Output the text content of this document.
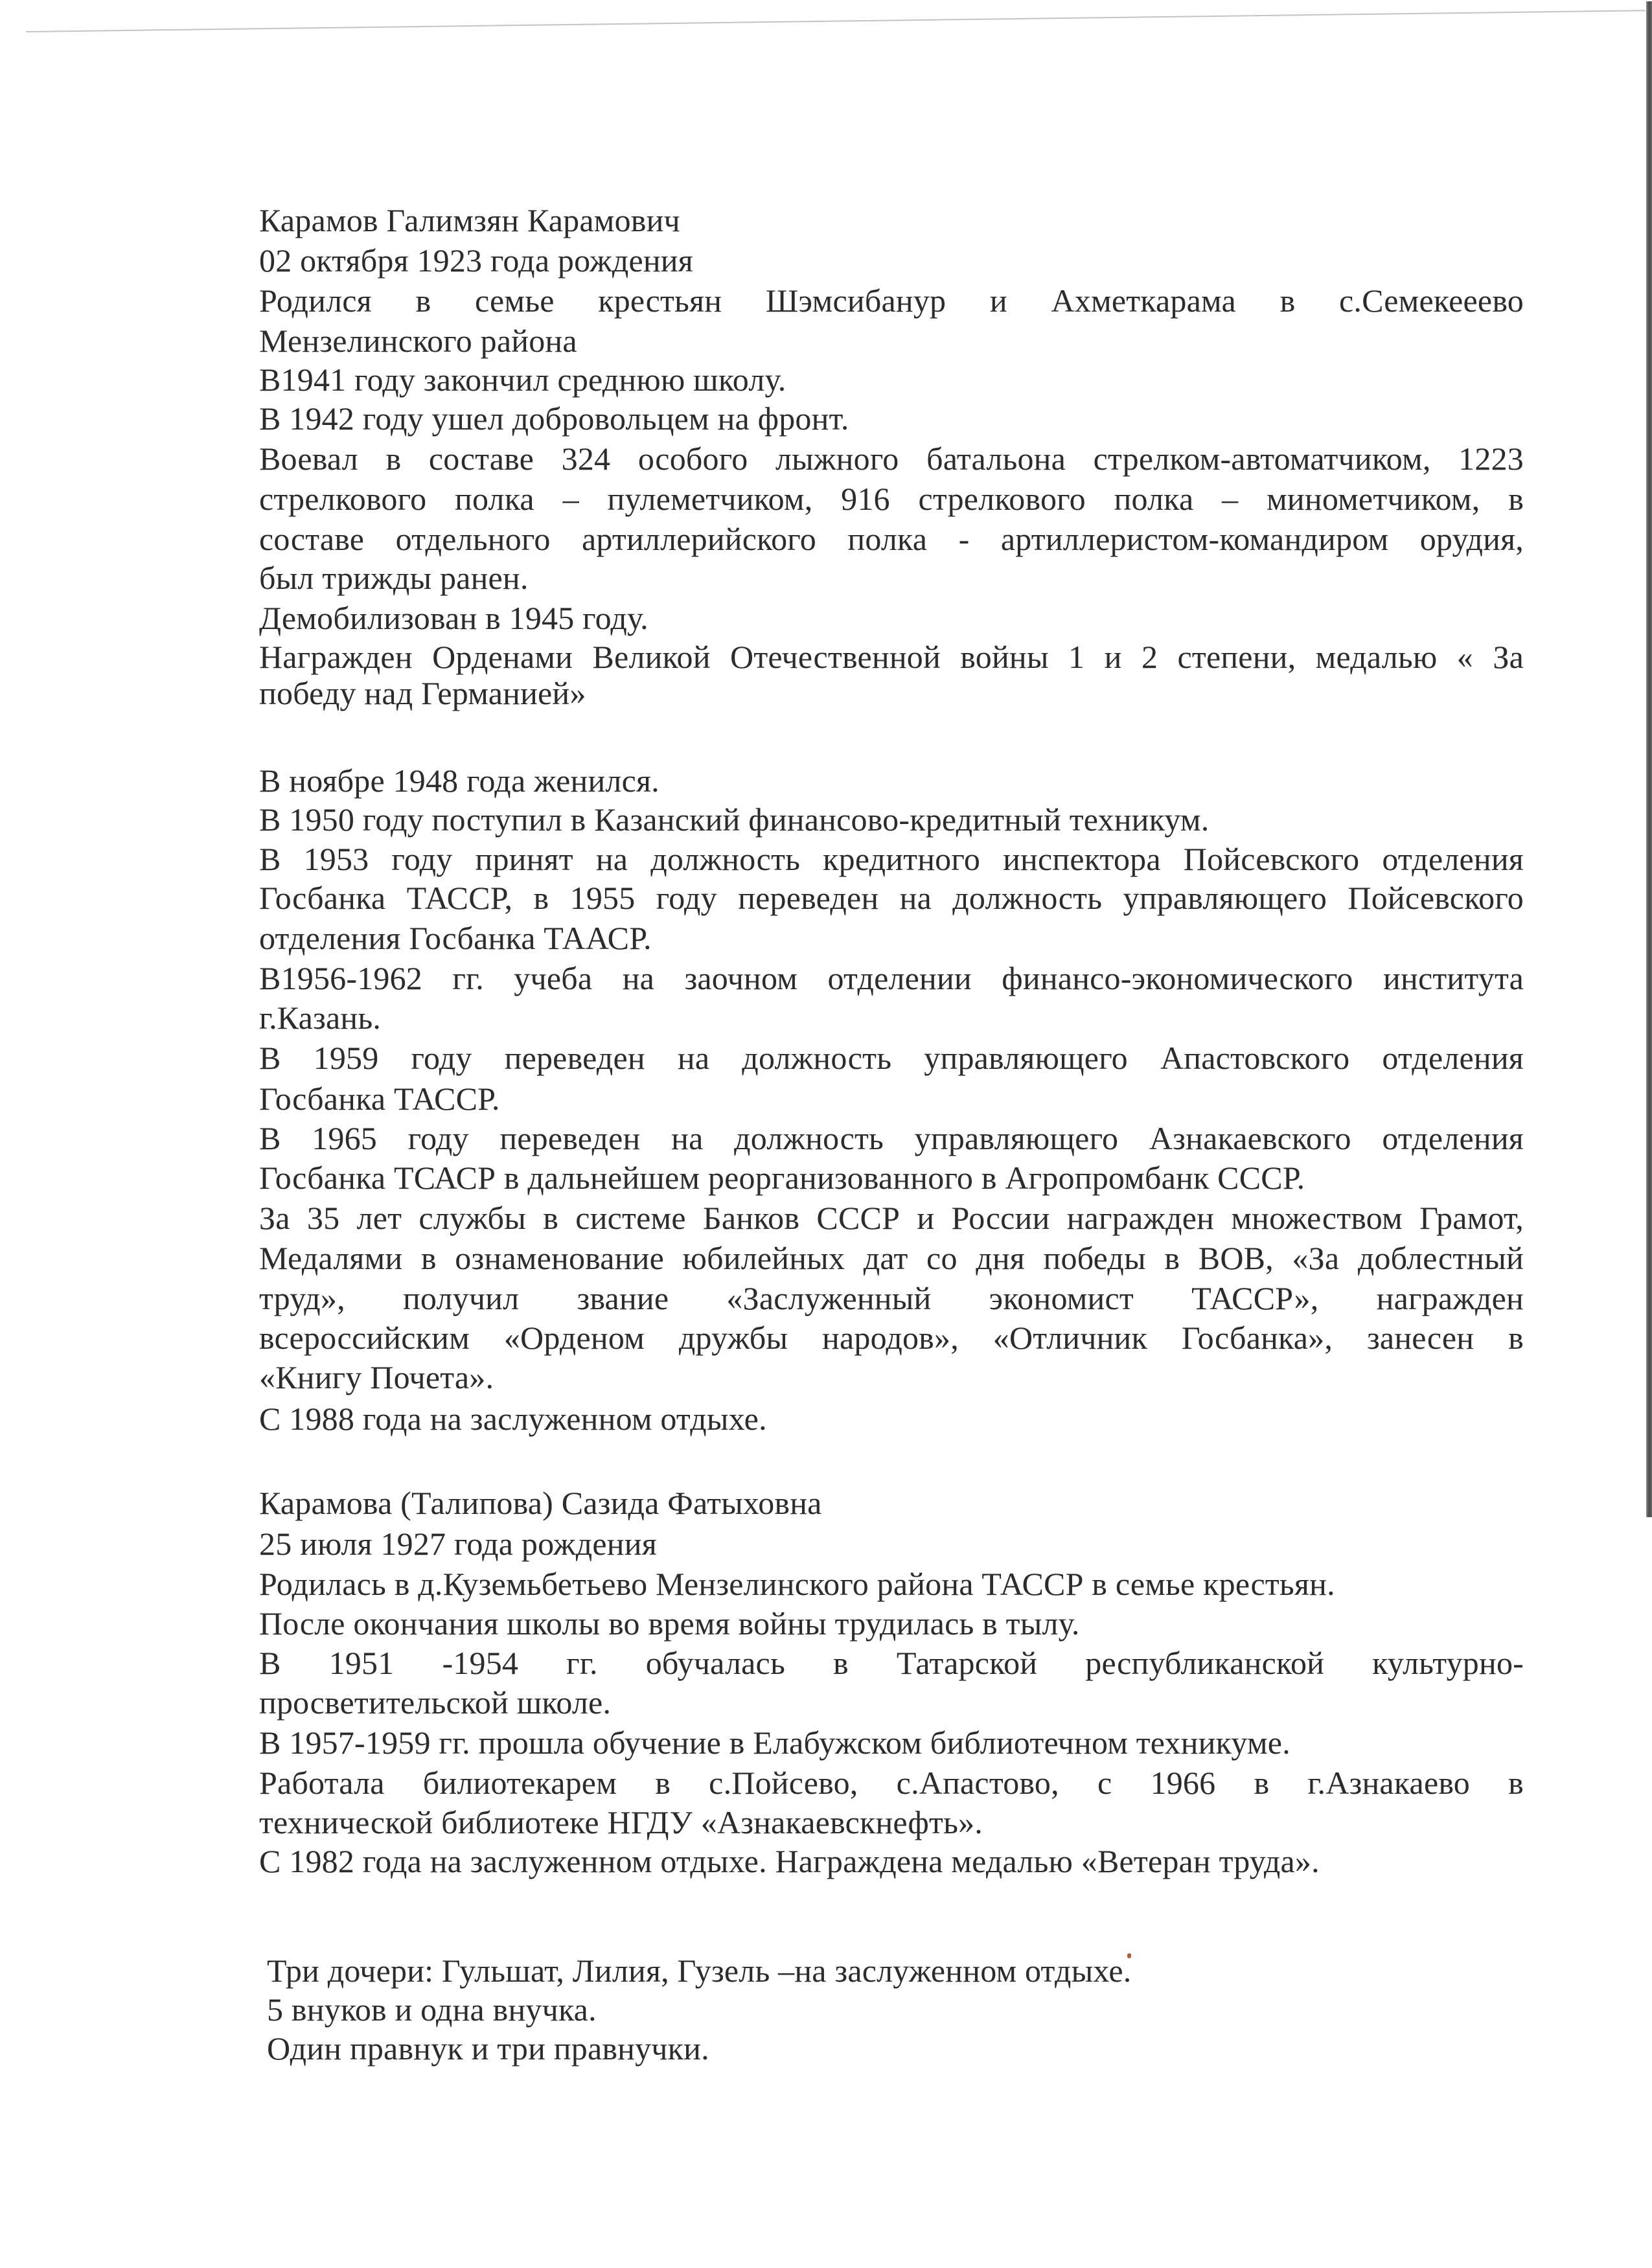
Карамов Галимзян Карамович
02 октября 1923 года рождения
Родился в семье крестьян Шэмсибанур и Ахметкарама в с.Семекееево
Мензелинского района
В1941 году закончил среднюю школу.
В 1942 году ушел добровольцем на фронт.
Воевал в составе 324 особого лыжного батальона стрелком-автоматчиком, 1223
стрелкового полка – пулеметчиком, 916 стрелкового полка – минометчиком, в
составе отдельного артиллерийского полка - артиллеристом-командиром орудия,
был трижды ранен.
Демобилизован в 1945 году.
Награжден Орденами Великой Отечественной войны 1 и 2 степени, медалью « За
победу над Германией»
В ноябре 1948 года женился.
В 1950 году поступил в Казанский финансово-кредитный техникум.
В 1953 году принят на должность кредитного инспектора Пойсевского отделения
Госбанка ТАССР, в 1955 году переведен на должность управляющего Пойсевского
отделения Госбанка ТААСР.
В1956-1962 гг. учеба на заочном отделении финансо-экономического института
г.Казань.
В 1959 году переведен на должность управляющего Апастовского отделения
Госбанка ТАССР.
В 1965 году переведен на должность управляющего Азнакаевского отделения
Госбанка ТСАСР в дальнейшем реорганизованного в Агропромбанк СССР.
За 35 лет службы в системе Банков СССР и России награжден множеством Грамот,
Медалями в ознаменование юбилейных дат со дня победы в ВОВ, «За доблестный
труд», получил звание «Заслуженный экономист ТАССР», награжден
всероссийским «Орденом дружбы народов», «Отличник Госбанка», занесен в
«Книгу Почета».
С 1988 года на заслуженном отдыхе.
Карамова (Талипова) Сазида Фатыховна
25 июля 1927 года рождения
Родилась в д.Куземьбетьево Мензелинского района ТАССР в семье крестьян.
После окончания школы во время войны трудилась в тылу.
В 1951 -1954 гг. обучалась в Татарской республиканской культурно-
просветительской школе.
В 1957-1959 гг. прошла обучение в Елабужском библиотечном техникуме.
Работала билиотекарем в с.Пойсево, с.Апастово, с 1966 в г.Азнакаево в
технической библиотеке НГДУ «Азнакаевскнефть».
С 1982 года на заслуженном отдыхе. Награждена медалью «Ветеран труда».
Три дочери: Гульшат, Лилия, Гузель –на заслуженном отдыхе.
5 внуков и одна внучка.
Один правнук и три правнучки.
